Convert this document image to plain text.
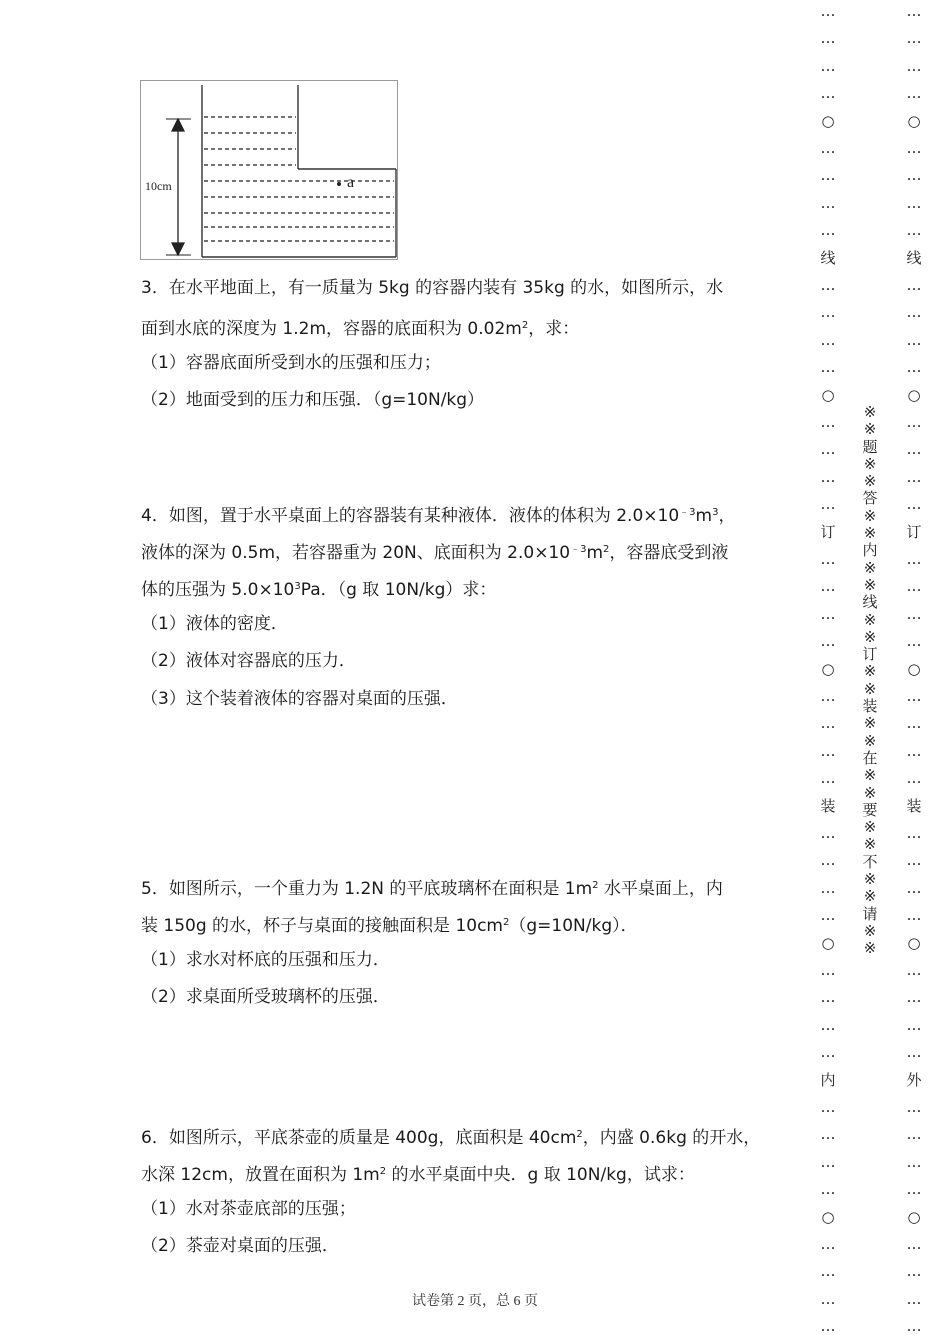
10cm	a
3．在水平地面上，有一质量为 5kg 的容器内装有 35kg 的水，如图所示，水
面到水底的深度为 1.2m，容器的底面积为 $0.02m^2$，求：
（1）容器底面所受到水的压强和压力；
（2）地面受到的压力和压强．（g=10N/kg）
4．如图，置于水平桌面上的容器装有某种液体．液体的体积为 $2.0\times 10^{﹣3}m^3$，
液体的深为 0.5m，若容器重为 20N、底面积为 $2.0\times 10^{﹣3}m^2$，容器底受到液
体的压强为 $5.0\times 10^3Pa$．（g 取 10N/kg）求：
（1）液体的密度．
（2）液体对容器底的压力．
（3）这个装着液体的容器对桌面的压强．
5．如图所示，一个重力为 1.2N 的平底玻璃杯在面积是 $1m^2$ 水平桌面上，内
装 150g 的水，杯子与桌面的接触面积是 $10cm^2(g=10N/kg)$．
（1）求水对杯底的压强和压力．
（2）求桌面所受玻璃杯的压强．
6．如图所示，平底茶壶的质量是 400g，底面积是 $40cm^2$，内盛 0.6kg 的开水，
水深 12cm，放置在面积为 $1m^2$ 的水平桌面中央．g 取 10N/kg，试求：
（1）水对茶壶底部的压强；
（2）茶壶对桌面的压强．
试卷第 2 页，总 6 页
…
…
…
…
○
…
…
…
…
线
…
…
…
…
○
…
…
…
…
订
…
…
…
…
○
…
…
…
…
装
…
…
…
…
○
…
…
…
…
内
…
…
…
…
○
…
…
…
…
…
…
…
…
○
…
…
…
…
线
…
…
…
…
○
…
…
…
…
订
…
…
…
…
○
…
…
…
…
装
…
…
…
…
○
…
…
…
…
外
…
…
…
…
○
…
…
…
…
※※题※※答※※内※※线※※订※※装※※在※※要※※不※※请※※
